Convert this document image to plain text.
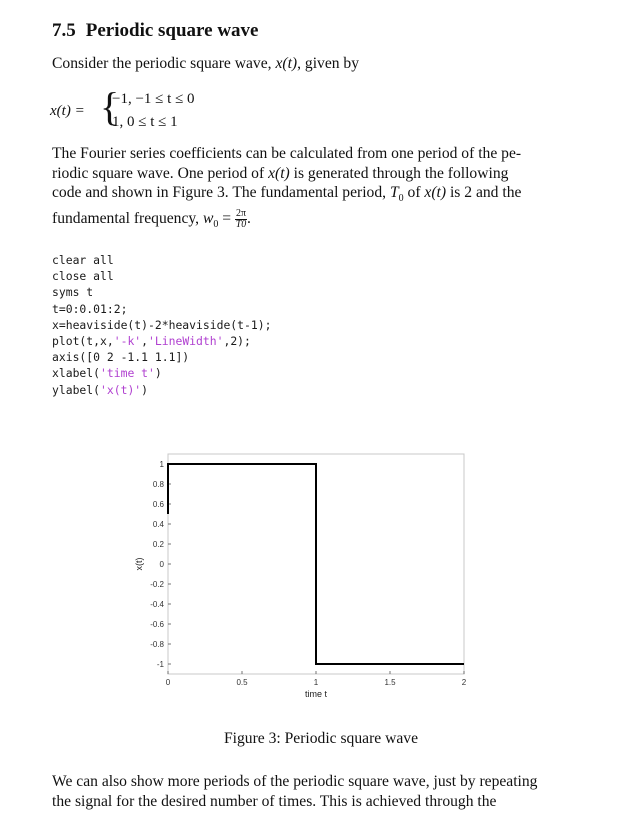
7.5 Periodic square wave
Consider the periodic square wave, x(t), given by
x(t) = {
−1, −1 ≤ t ≤ 0
1, 0 ≤ t ≤ 1
The Fourier series coefficients can be calculated from one period of the pe-
riodic square wave. One period of x(t) is generated through the following
code and shown in Figure 3. The fundamental period, $T_0$ of x(t) is 2 and the
fundamental frequency, $w_0 = \frac{2\pi}{T0}$ .
clear all
close all
syms t
t=0:0.01:2;
x=heaviside(t)-2*heaviside(t-1);
plot(t,x,'-k','LineWidth',2);
axis([0 2 -1.1 1.1])
xlabel('time t')
ylabel('x(t)')
1
0.8
0.6
0.4
0.2
0
-0.2
-0.4
-0.6
-0.8
-1
0	0.5	1	1.5	2
time t
x(t)
Figure 3: Periodic square wave
We can also show more periods of the periodic square wave, just by repeating
the signal for the desired number of times. This is achieved through the
